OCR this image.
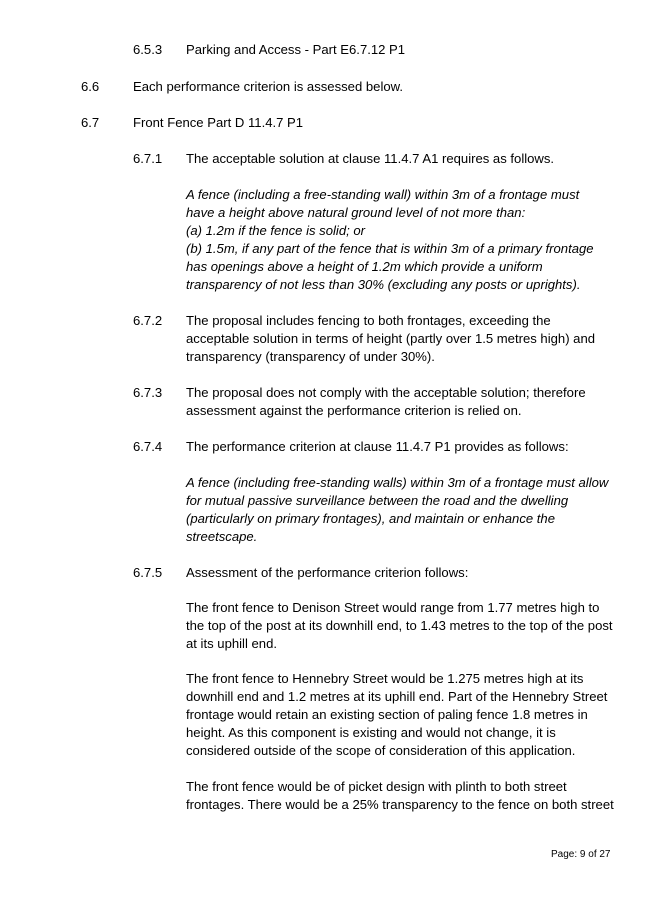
6.5.3 Parking and Access - Part E6.7.12 P1
6.6	Each performance criterion is assessed below.
6.7	Front Fence Part D 11.4.7 P1
6.7.1 The acceptable solution at clause 11.4.7 A1 requires as follows.
A fence (including a free-standing wall) within 3m of a frontage must
have a height above natural ground level of not more than:
(a) 1.2m if the fence is solid; or
(b) 1.5m, if any part of the fence that is within 3m of a primary frontage
has openings above a height of 1.2m which provide a uniform
transparency of not less than 30% (excluding any posts or uprights).
6.7.2 The proposal includes fencing to both frontages, exceeding the
acceptable solution in terms of height (partly over 1.5 metres high) and
transparency (transparency of under 30%).
6.7.3 The proposal does not comply with the acceptable solution; therefore
assessment against the performance criterion is relied on.
6.7.4 The performance criterion at clause 11.4.7 P1 provides as follows:
A fence (including free-standing walls) within 3m of a frontage must allow
for mutual passive surveillance between the road and the dwelling
(particularly on primary frontages), and maintain or enhance the
streetscape.
6.7.5 Assessment of the performance criterion follows:
The front fence to Denison Street would range from 1.77 metres high to
the top of the post at its downhill end, to 1.43 metres to the top of the post
at its uphill end.
The front fence to Hennebry Street would be 1.275 metres high at its
downhill end and 1.2 metres at its uphill end. Part of the Hennebry Street
frontage would retain an existing section of paling fence 1.8 metres in
height. As this component is existing and would not change, it is
considered outside of the scope of consideration of this application.
The front fence would be of picket design with plinth to both street
frontages. There would be a 25% transparency to the fence on both street
Page: 9 of 27
